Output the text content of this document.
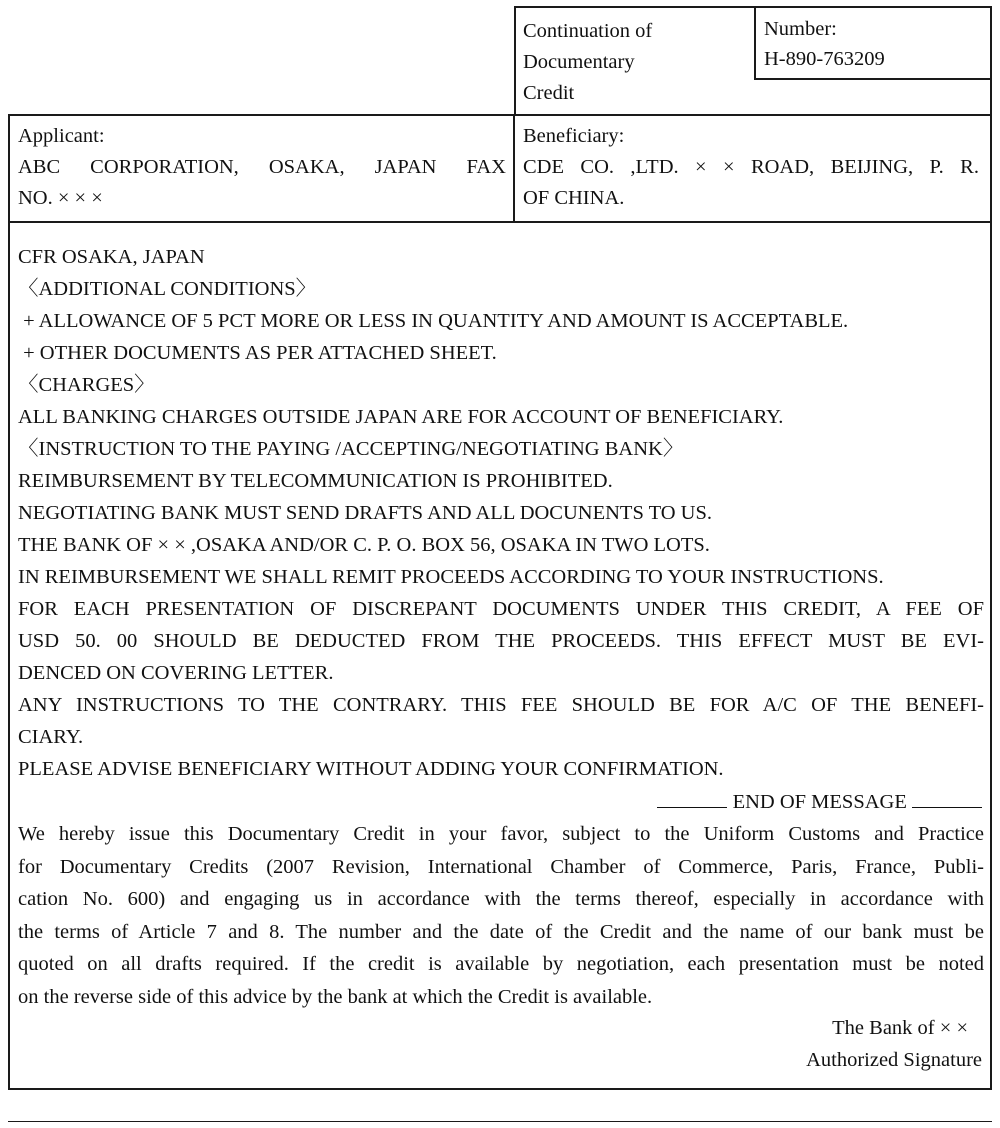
Continuation of
Documentary
Credit
Number:
H-890-763209
Applicant:
ABC CORPORATION, OSAKA, JAPAN FAX
NO. × × ×
Beneficiary:
CDE CO. ,LTD. × × ROAD, BEIJING, P. R.
OF CHINA.
CFR OSAKA, JAPAN
〈ADDITIONAL CONDITIONS〉
+ ALLOWANCE OF 5 PCT MORE OR LESS IN QUANTITY AND AMOUNT IS ACCEPTABLE.
+ OTHER DOCUMENTS AS PER ATTACHED SHEET.
〈CHARGES〉
ALL BANKING CHARGES OUTSIDE JAPAN ARE FOR ACCOUNT OF BENEFICIARY.
〈INSTRUCTION TO THE PAYING /ACCEPTING/NEGOTIATING BANK〉
REIMBURSEMENT BY TELECOMMUNICATION IS PROHIBITED.
NEGOTIATING BANK MUST SEND DRAFTS AND ALL DOCUNENTS TO US.
THE BANK OF × × ,OSAKA AND/OR C. P. O. BOX 56, OSAKA IN TWO LOTS.
IN REIMBURSEMENT WE SHALL REMIT PROCEEDS ACCORDING TO YOUR INSTRUCTIONS.
FOR EACH PRESENTATION OF DISCREPANT DOCUMENTS UNDER THIS CREDIT, A FEE OF
USD 50. 00 SHOULD BE DEDUCTED FROM THE PROCEEDS. THIS EFFECT MUST BE EVI-
DENCED ON COVERING LETTER.
ANY INSTRUCTIONS TO THE CONTRARY. THIS FEE SHOULD BE FOR A/C OF THE BENEFI-
CIARY.
PLEASE ADVISE BENEFICIARY WITHOUT ADDING YOUR CONFIRMATION.
END OF MESSAGE
We hereby issue this Documentary Credit in your favor, subject to the Uniform Customs and Practice
for Documentary Credits (2007 Revision, International Chamber of Commerce, Paris, France, Publi-
cation No. 600) and engaging us in accordance with the terms thereof, especially in accordance with
the terms of Article 7 and 8. The number and the date of the Credit and the name of our bank must be
quoted on all drafts required. If the credit is available by negotiation, each presentation must be noted
on the reverse side of this advice by the bank at which the Credit is available.
The Bank of × ×
Authorized Signature
